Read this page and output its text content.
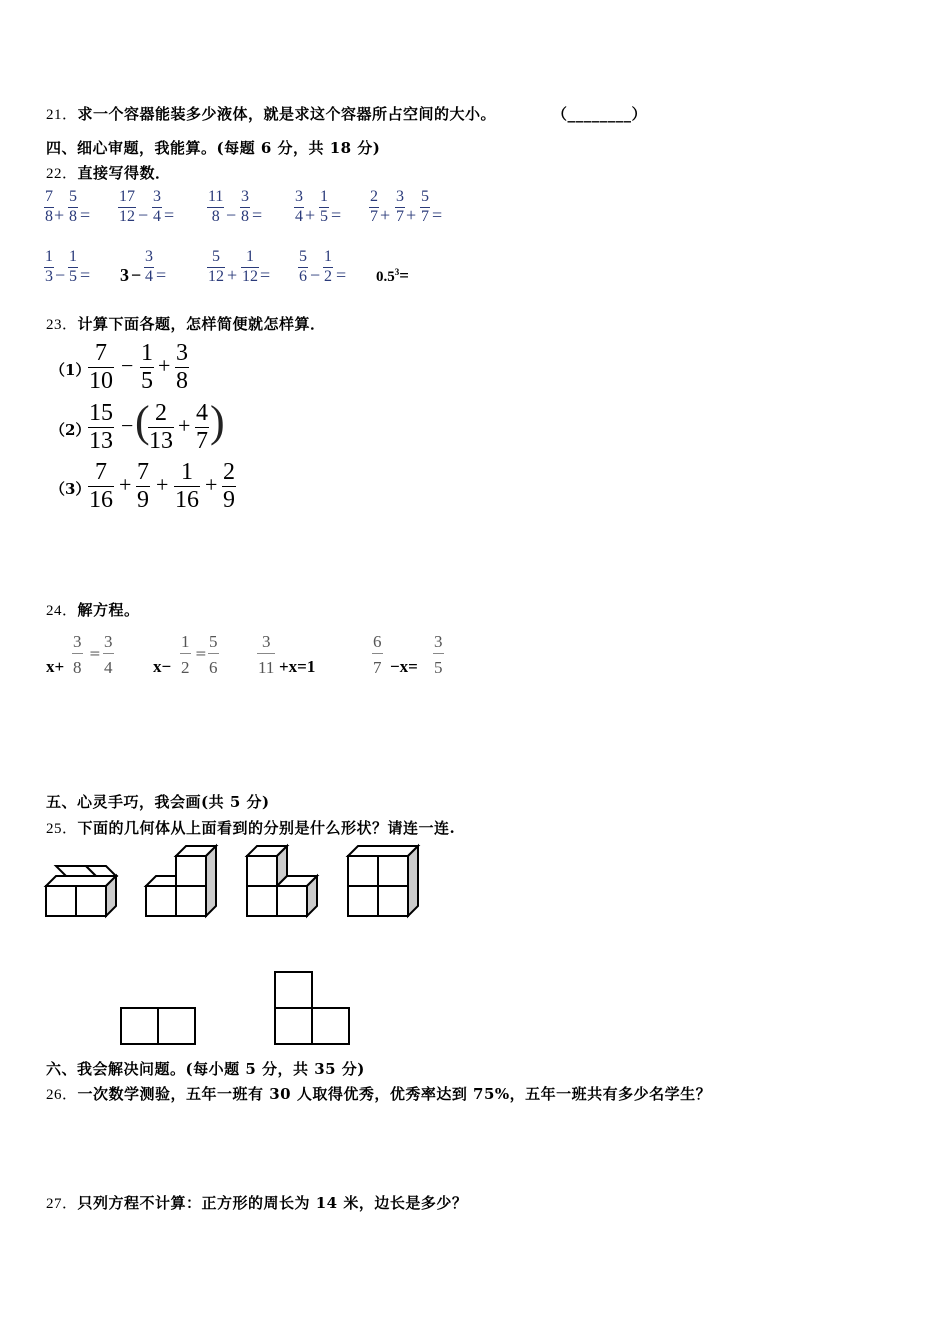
21．求一个容器能装多少液体，就是求这个容器所占空间的大小。	（________）
四、细心审题，我能算。(每题 6 分，共 18 分)
22．直接写得数．
7
8 +
5
8 =
17
12 −
3
4 =
11
8 −
3
8 =
3
4 +
1
5 =
2
7 +
3
7 +
5
7 =
1
3 −
1
5 = 3 −
3
4 =
5
12 +
1
12 =
5
6 −
1
$2 = 0.5^3=$
23．计算下面各题，怎样简便就怎样算．
（1）
7
10
− 1
5
+ 3
8
（2）
15
13
− ( 2
13
+ 4
7 )
（3）
7
16
+ 7
9
+ 1
16
+ 2
9
24．解方程。
x+
3
8
=
3
4 x−
1
2
=
5
6
3
11 +x=1
6
7 −x=
3
5
五、心灵手巧，我会画(共 5 分)
25．下面的几何体从上面看到的分别是什么形状？请连一连.
六、我会解决问题。(每小题 5 分，共 35 分)
26．一次数学测验，五年一班有 30 人取得优秀，优秀率达到 75%，五年一班共有多少名学生？
27．只列方程不计算：正方形的周长为 14 米，边长是多少？
